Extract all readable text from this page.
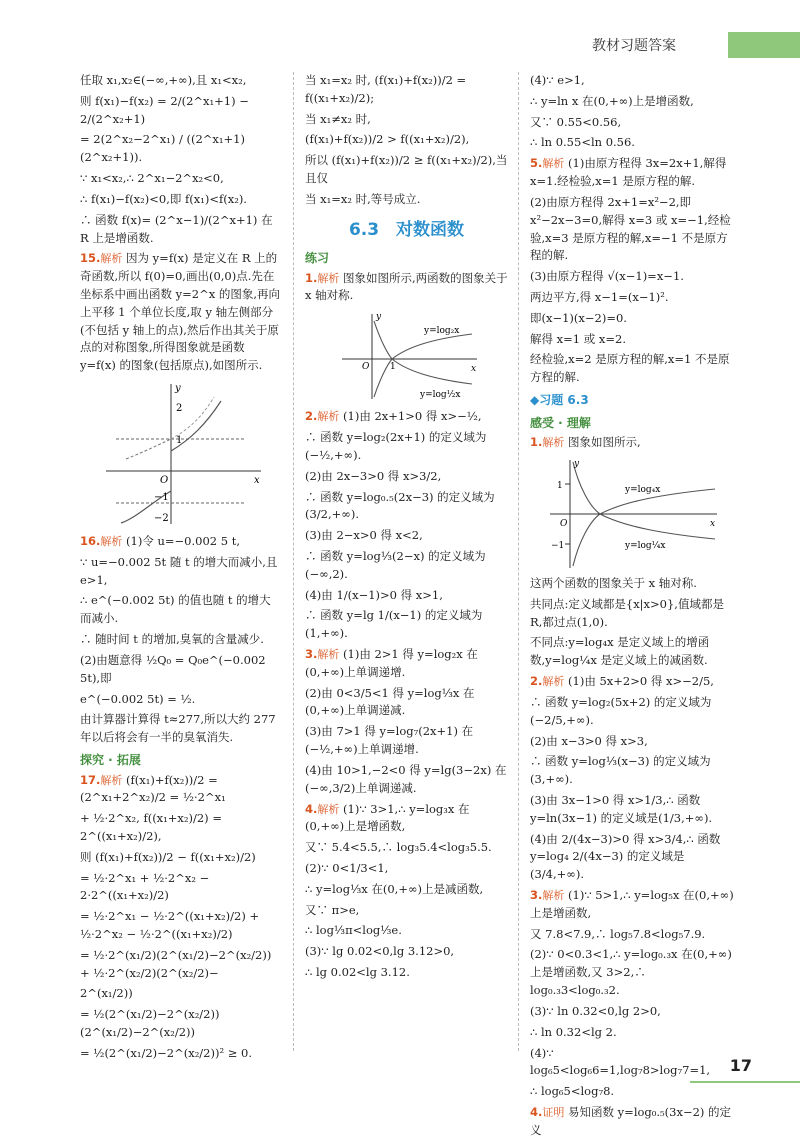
教材习题答案

任取 x₁,x₂∈(−∞,+∞),且 x₁<x₂,

则 f(x₁)−f(x₂) = 2/(2^x₁+1) − 2/(2^x₂+1)

= 2(2^x₂−2^x₁) / ((2^x₁+1)(2^x₂+1)).

∵ x₁<x₂,∴ 2^x₁−2^x₂<0,

∴ f(x₁)−f(x₂)<0,即 f(x₁)<f(x₂).

∴ 函数 f(x)= (2^x−1)/(2^x+1) 在 R 上是增函数.

15.解析 因为 y=f(x) 是定义在 R 上的奇函数,所以 f(0)=0,画出(0,0)点.先在坐标系中画出函数 y=2^x 的图象,再向上平移 1 个单位长度,取 y 轴左侧部分(不包括 y 轴上的点),然后作出其关于原点的对称图象,所得图象就是函数 y=f(x) 的图象(包括原点),如图所示.

x
y
O
2
1
−1
−2

16.解析 (1)令 u=−0.002 5 t,

∵ u=−0.002 5t 随 t 的增大而减小,且 e>1,

∴ e^(−0.002 5t) 的值也随 t 的增大而减小.

∴ 随时间 t 的增加,臭氧的含量减少.

(2)由题意得 ½Q₀ = Q₀e^(−0.002 5t),即

e^(−0.002 5t) = ½.

由计算器计算得 t≈277,所以大约 277 年以后将会有一半的臭氧消失.

探究 · 拓展

17.解析 (f(x₁)+f(x₂))/2 = (2^x₁+2^x₂)/2 = ½·2^x₁

+ ½·2^x₂, f((x₁+x₂)/2) = 2^((x₁+x₂)/2),

则 (f(x₁)+f(x₂))/2 − f((x₁+x₂)/2)

= ½·2^x₁ + ½·2^x₂ − 2·2^((x₁+x₂)/2)

= ½·2^x₁ − ½·2^((x₁+x₂)/2) + ½·2^x₂ − ½·2^((x₁+x₂)/2)

= ½·2^(x₁/2)(2^(x₁/2)−2^(x₂/2)) + ½·2^(x₂/2)(2^(x₂/2)−

2^(x₁/2))

= ½(2^(x₁/2)−2^(x₂/2))(2^(x₁/2)−2^(x₂/2))

= ½(2^(x₁/2)−2^(x₂/2))² ≥ 0.

当 x₁=x₂ 时, (f(x₁)+f(x₂))/2 = f((x₁+x₂)/2);

当 x₁≠x₂ 时,

(f(x₁)+f(x₂))/2 > f((x₁+x₂)/2),

所以 (f(x₁)+f(x₂))/2 ≥ f((x₁+x₂)/2),当且仅

当 x₁=x₂ 时,等号成立.

6.3　对数函数
练习

1.解析 图象如图所示,两函数的图象关于 x 轴对称.

x
y
O 1
y=log₂x
y=log½x

2.解析 (1)由 2x+1>0 得 x>−½,

∴ 函数 y=log₂(2x+1) 的定义域为(−½,+∞).

(2)由 2x−3>0 得 x>3/2,

∴ 函数 y=log₀.₅(2x−3) 的定义域为(3/2,+∞).

(3)由 2−x>0 得 x<2,

∴ 函数 y=log⅓(2−x) 的定义域为(−∞,2).

(4)由 1/(x−1)>0 得 x>1,

∴ 函数 y=lg 1/(x−1) 的定义域为(1,+∞).

3.解析 (1)由 2>1 得 y=log₂x 在(0,+∞)上单调递增.

(2)由 0<3/5<1 得 y=log⅓x 在(0,+∞)上单调递减.

(3)由 7>1 得 y=log₇(2x+1) 在(−½,+∞)上单调递增.

(4)由 10>1,−2<0 得 y=lg(3−2x) 在(−∞,3/2)上单调递减.

4.解析 (1)∵ 3>1,∴ y=log₃x 在(0,+∞)上是增函数,

又∵ 5.4<5.5,∴ log₃5.4<log₃5.5.

(2)∵ 0<1/3<1,

∴ y=log⅓x 在(0,+∞)上是减函数,

又∵ π>e,

∴ log⅓π<log⅓e.

(3)∵ lg 0.02<0,lg 3.12>0,

∴ lg 0.02<lg 3.12.

(4)∵ e>1,

∴ y=ln x 在(0,+∞)上是增函数,

又∵ 0.55<0.56,

∴ ln 0.55<ln 0.56.

5.解析 (1)由原方程得 3x=2x+1,解得 x=1.经检验,x=1 是原方程的解.

(2)由原方程得 2x+1=x²−2,即 x²−2x−3=0,解得 x=3 或 x=−1,经检验,x=3 是原方程的解,x=−1 不是原方程的解.

(3)由原方程得 √(x−1)=x−1.

两边平方,得 x−1=(x−1)².

即(x−1)(x−2)=0.

解得 x=1 或 x=2.

经检验,x=2 是原方程的解,x=1 不是原方程的解.

◆习题 6.3
感受 · 理解

1.解析 图象如图所示,

x
y
O
1
−1
y=log₄x
y=log¼x

这两个函数的图象关于 x 轴对称.

共同点:定义域都是{x|x>0},值域都是 R,都过点(1,0).

不同点:y=log₄x 是定义域上的增函数,y=log¼x 是定义域上的减函数.

2.解析 (1)由 5x+2>0 得 x>−2/5,

∴ 函数 y=log₂(5x+2) 的定义域为(−2/5,+∞).

(2)由 x−3>0 得 x>3,

∴ 函数 y=log⅓(x−3) 的定义域为(3,+∞).

(3)由 3x−1>0 得 x>1/3,∴ 函数 y=ln(3x−1) 的定义域是(1/3,+∞).

(4)由 2/(4x−3)>0 得 x>3/4,∴ 函数 y=log₄ 2/(4x−3) 的定义域是(3/4,+∞).

3.解析 (1)∵ 5>1,∴ y=log₅x 在(0,+∞)上是增函数,

又 7.8<7.9,∴ log₅7.8<log₅7.9.

(2)∵ 0<0.3<1,∴ y=log₀.₃x 在(0,+∞)上是增函数,又 3>2,∴ log₀.₃3<log₀.₃2.

(3)∵ ln 0.32<0,lg 2>0,

∴ ln 0.32<lg 2.

(4)∵ log₆5<log₆6=1,log₇8>log₇7=1,

∴ log₆5<log₇8.

4.证明 易知函数 y=log₀.₅(3x−2) 的定义

17
